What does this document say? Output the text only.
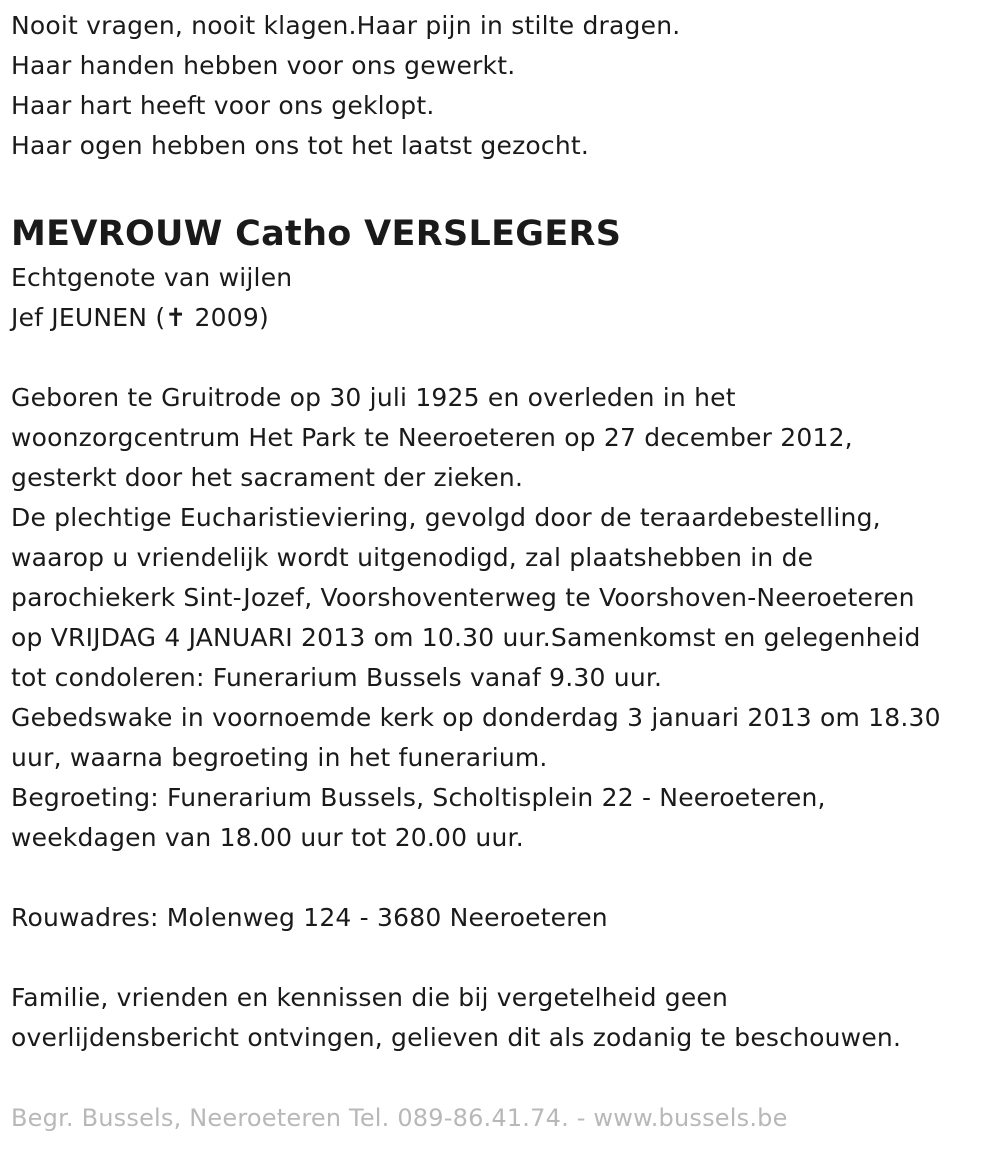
Nooit vragen, nooit klagen.Haar pijn in stilte dragen.
Haar handen hebben voor ons gewerkt.
Haar hart heeft voor ons geklopt.
Haar ogen hebben ons tot het laatst gezocht.
MEVROUW Catho VERSLEGERS
Echtgenote van wijlen
Jef JEUNEN (✝ 2009)
Geboren te Gruitrode op 30 juli 1925 en overleden in het
woonzorgcentrum Het Park te Neeroeteren op 27 december 2012,
gesterkt door het sacrament der zieken.
De plechtige Eucharistieviering, gevolgd door de teraardebestelling,
waarop u vriendelijk wordt uitgenodigd, zal plaatshebben in de
parochiekerk Sint-Jozef, Voorshoventerweg te Voorshoven-Neeroeteren
op VRIJDAG 4 JANUARI 2013 om 10.30 uur.Samenkomst en gelegenheid
tot condoleren: Funerarium Bussels vanaf 9.30 uur.
Gebedswake in voornoemde kerk op donderdag 3 januari 2013 om 18.30
uur, waarna begroeting in het funerarium.
Begroeting: Funerarium Bussels, Scholtisplein 22 - Neeroeteren,
weekdagen van 18.00 uur tot 20.00 uur.
Rouwadres: Molenweg 124 - 3680 Neeroeteren
Familie, vrienden en kennissen die bij vergetelheid geen
overlijdensbericht ontvingen, gelieven dit als zodanig te beschouwen.
Begr. Bussels, Neeroeteren Tel. 089-86.41.74. - www.bussels.be
